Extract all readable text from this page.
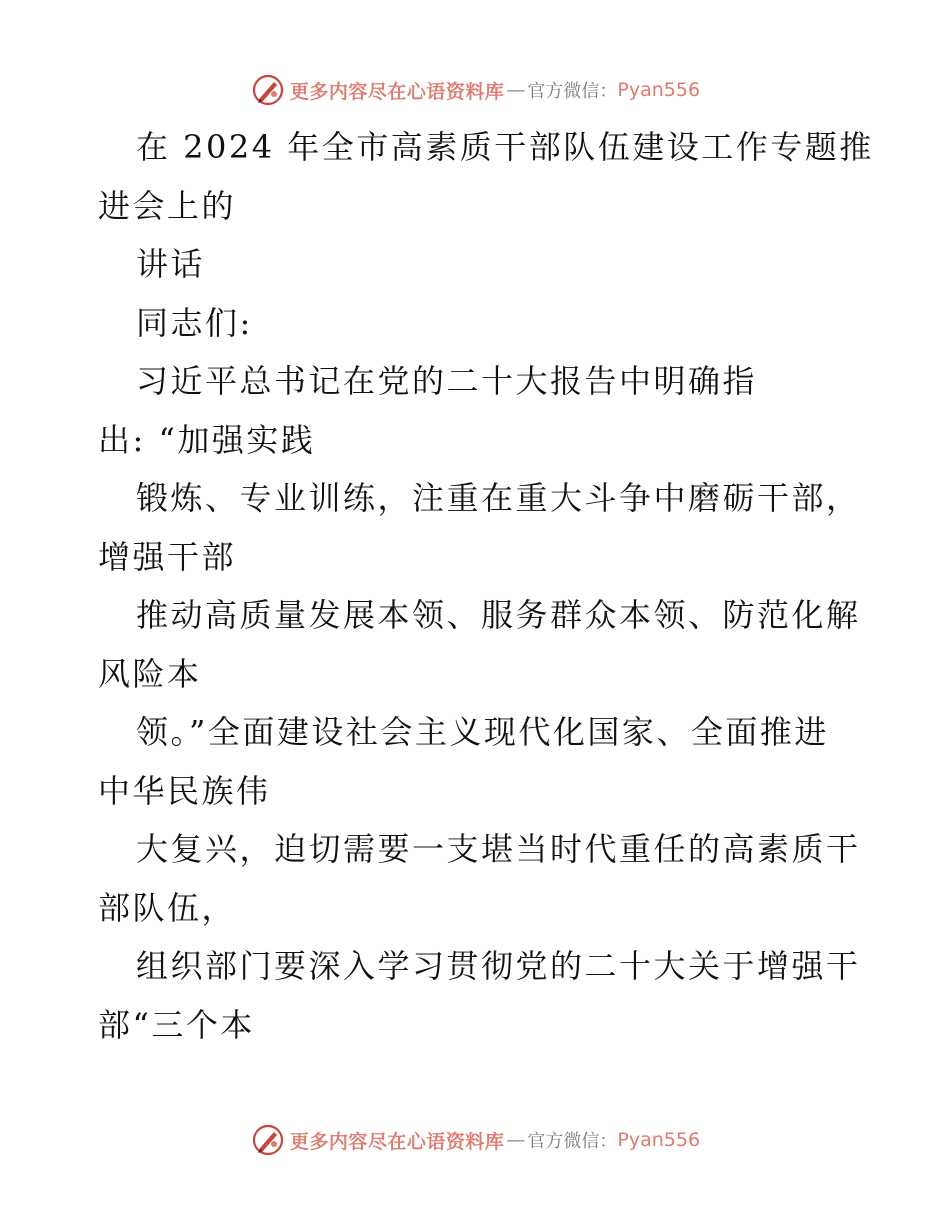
更多内容尽在心语资料库 — 官方微信： Pyan556

在 2024 年全市高素质干部队伍建设工作专题推

进会上的

讲话

同志们:

习近平总书记在党的二十大报告中明确指

出: “加强实践

锻炼、专业训练，注重在重大斗争中磨砺干部，

增强干部

推动高质量发展本领、服务群众本领、防范化解

风险本

领。”全面建设社会主义现代化国家、全面推进

中华民族伟

大复兴，迫切需要一支堪当时代重任的高素质干

部队伍，

组织部门要深入学习贯彻党的二十大关于增强干

部“三个本

更多内容尽在心语资料库 — 官方微信： Pyan556
